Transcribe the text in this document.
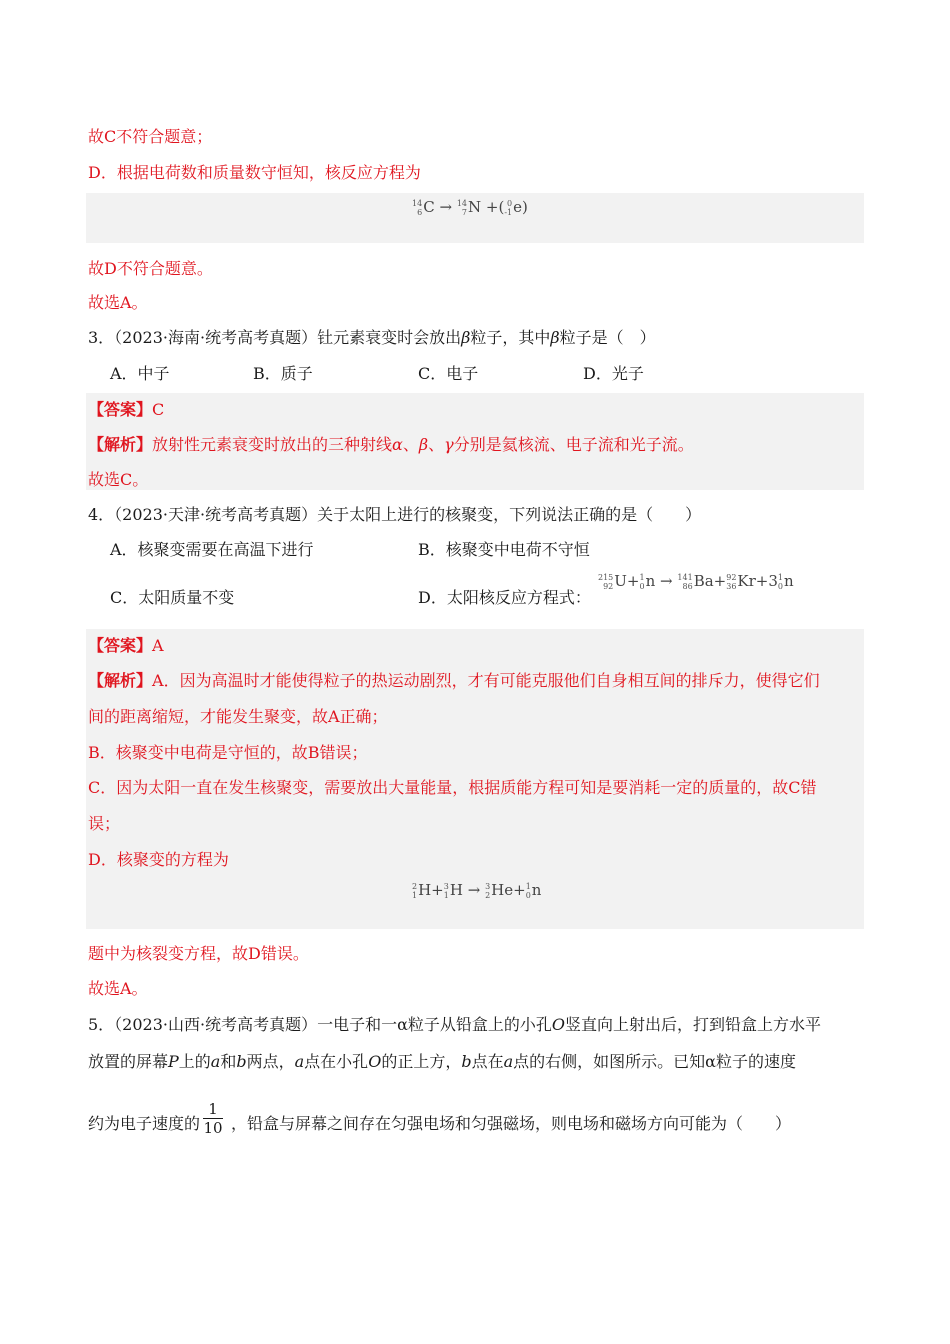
故C不符合题意；
D．根据电荷数和质量数守恒知，核反应方程为
14
6 C → 14
7 N +( 0
-1 e)
故D不符合题意。
故选A。
3．（2023·海南·统考高考真题）钍元素衰变时会放出β粒子，其中β粒子是（　）
A．中子	B．质子	C．电子	D．光子
【答案】C
【解析】放射性元素衰变时放出的三种射线α、β、γ分别是氦核流、电子流和光子流。
故选C。
4．（2023·天津·统考高考真题）关于太阳上进行的核聚变，下列说法正确的是（　　）
A．核聚变需要在高温下进行	B．核聚变中电荷不守恒
C．太阳质量不变	D．太阳核反应方程式：
215
92 U+ 1
0 n → 141
86 Ba+ 92
36 Kr+3 1
0 n
2
1 H+ 3
1 H → 3
2 He+ 1
0 n
【答案】A
【解析】A．因为高温时才能使得粒子的热运动剧烈，才有可能克服他们自身相互间的排斥力，使得它们
间的距离缩短，才能发生聚变，故A正确；
B．核聚变中电荷是守恒的，故B错误；
C．因为太阳一直在发生核聚变，需要放出大量能量，根据质能方程可知是要消耗一定的质量的，故C错
误；
D．核聚变的方程为
题中为核裂变方程，故D错误。
故选A。
5．（2023·山西·统考高考真题）一电子和一α粒子从铅盒上的小孔O竖直向上射出后，打到铅盒上方水平
放置的屏幕P上的a和b两点，a点在小孔O的正上方，b点在a点的右侧，如图所示。已知α粒子的速度
约为电子速度的
1
10 ，铅盒与屏幕之间存在匀强电场和匀强磁场，则电场和磁场方向可能为（　　）
